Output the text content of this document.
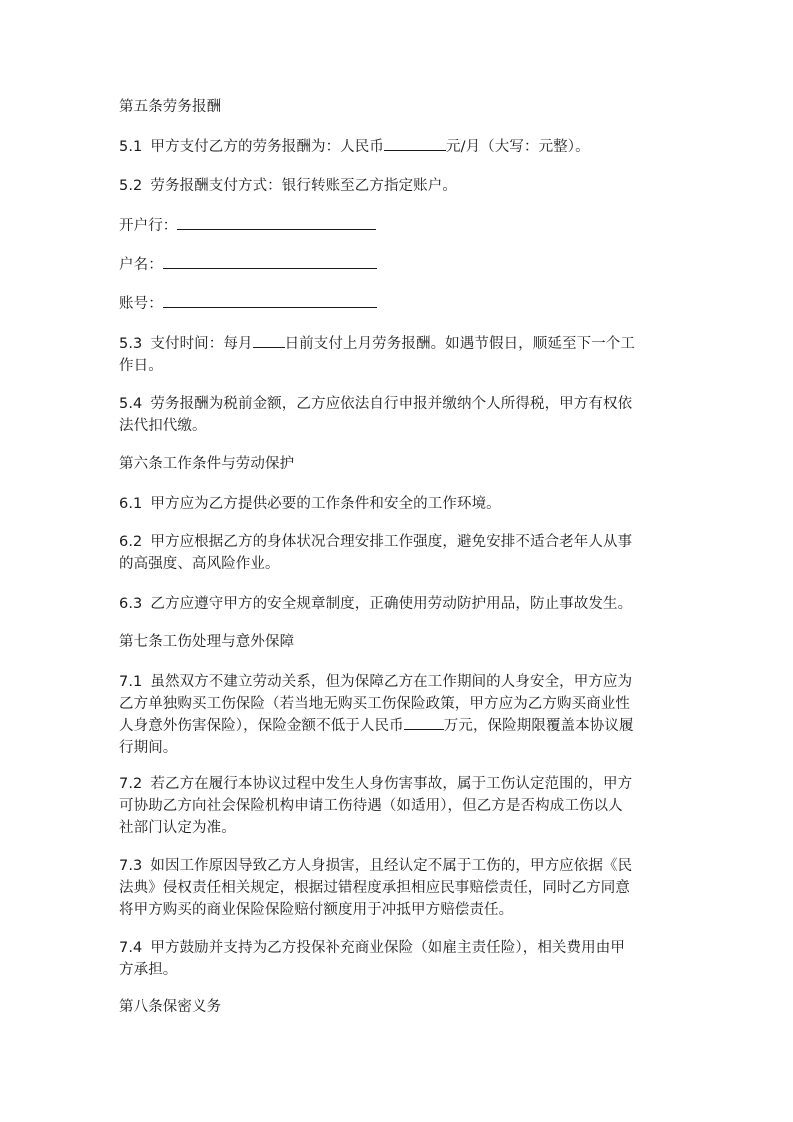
第五条劳务报酬
5.1 甲方支付乙方的劳务报酬为：人民币	元/月（大写：元整）。
5.2 劳务报酬支付方式：银行转账至乙方指定账户。
开户行：
户名：
账号：
5.3 支付时间：每月 日前支付上月劳务报酬。如遇节假日，顺延至下一个工
作日。
5.4 劳务报酬为税前金额，乙方应依法自行申报并缴纳个人所得税，甲方有权依
法代扣代缴。
第六条工作条件与劳动保护
6.1 甲方应为乙方提供必要的工作条件和安全的工作环境。
6.2 甲方应根据乙方的身体状况合理安排工作强度，避免安排不适合老年人从事
的高强度、高风险作业。
6.3 乙方应遵守甲方的安全规章制度，正确使用劳动防护用品，防止事故发生。
第七条工伤处理与意外保障
7.1 虽然双方不建立劳动关系，但为保障乙方在工作期间的人身安全，甲方应为
乙方单独购买工伤保险（若当地无购买工伤保险政策，甲方应为乙方购买商业性
人身意外伤害保险），保险金额不低于人民币	万元，保险期限覆盖本协议履
行期间。
7.2 若乙方在履行本协议过程中发生人身伤害事故，属于工伤认定范围的，甲方
可协助乙方向社会保险机构申请工伤待遇（如适用），但乙方是否构成工伤以人
社部门认定为准。
7.3 如因工作原因导致乙方人身损害，且经认定不属于工伤的，甲方应依据《民
法典》侵权责任相关规定，根据过错程度承担相应民事赔偿责任，同时乙方同意
将甲方购买的商业保险保险赔付额度用于冲抵甲方赔偿责任。
7.4 甲方鼓励并支持为乙方投保补充商业保险（如雇主责任险），相关费用由甲
方承担。
第八条保密义务
